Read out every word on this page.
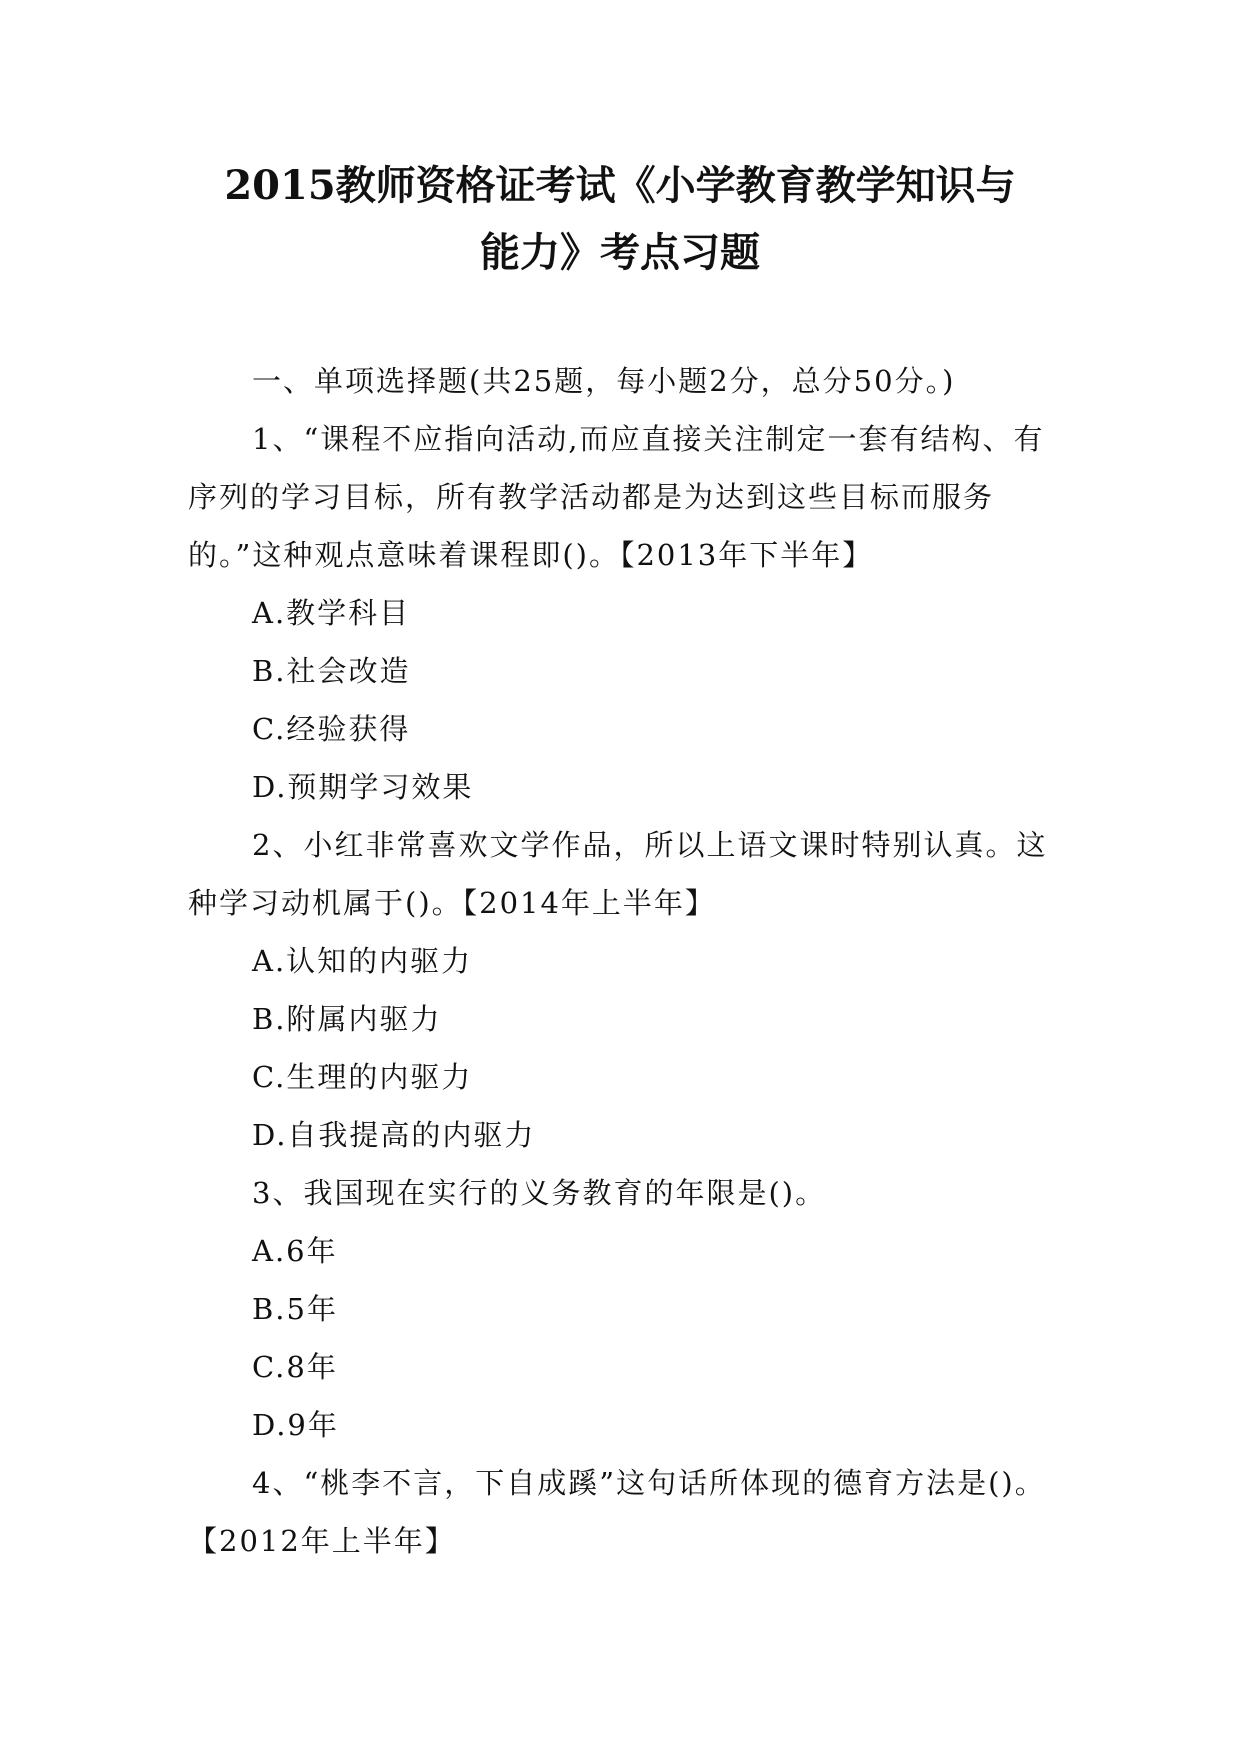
2015教师资格证考试《小学教育教学知识与
能力》考点习题

一、单项选择题(共25题，每小题2分，总分50分。)

1、“课程不应指向活动,而应直接关注制定一套有结构、有序列的学习目标，所有教学活动都是为达到这些目标而服务的。”这种观点意味着课程即()。【2013年下半年】

A.教学科目

B.社会改造

C.经验获得

D.预期学习效果

2、小红非常喜欢文学作品，所以上语文课时特别认真。这种学习动机属于()。【2014年上半年】

A.认知的内驱力

B.附属内驱力

C.生理的内驱力

D.自我提高的内驱力

3、我国现在实行的义务教育的年限是()。

A.6年

B.5年

C.8年

D.9年

4、“桃李不言，下自成蹊”这句话所体现的德育方法是()。【2012年上半年】
